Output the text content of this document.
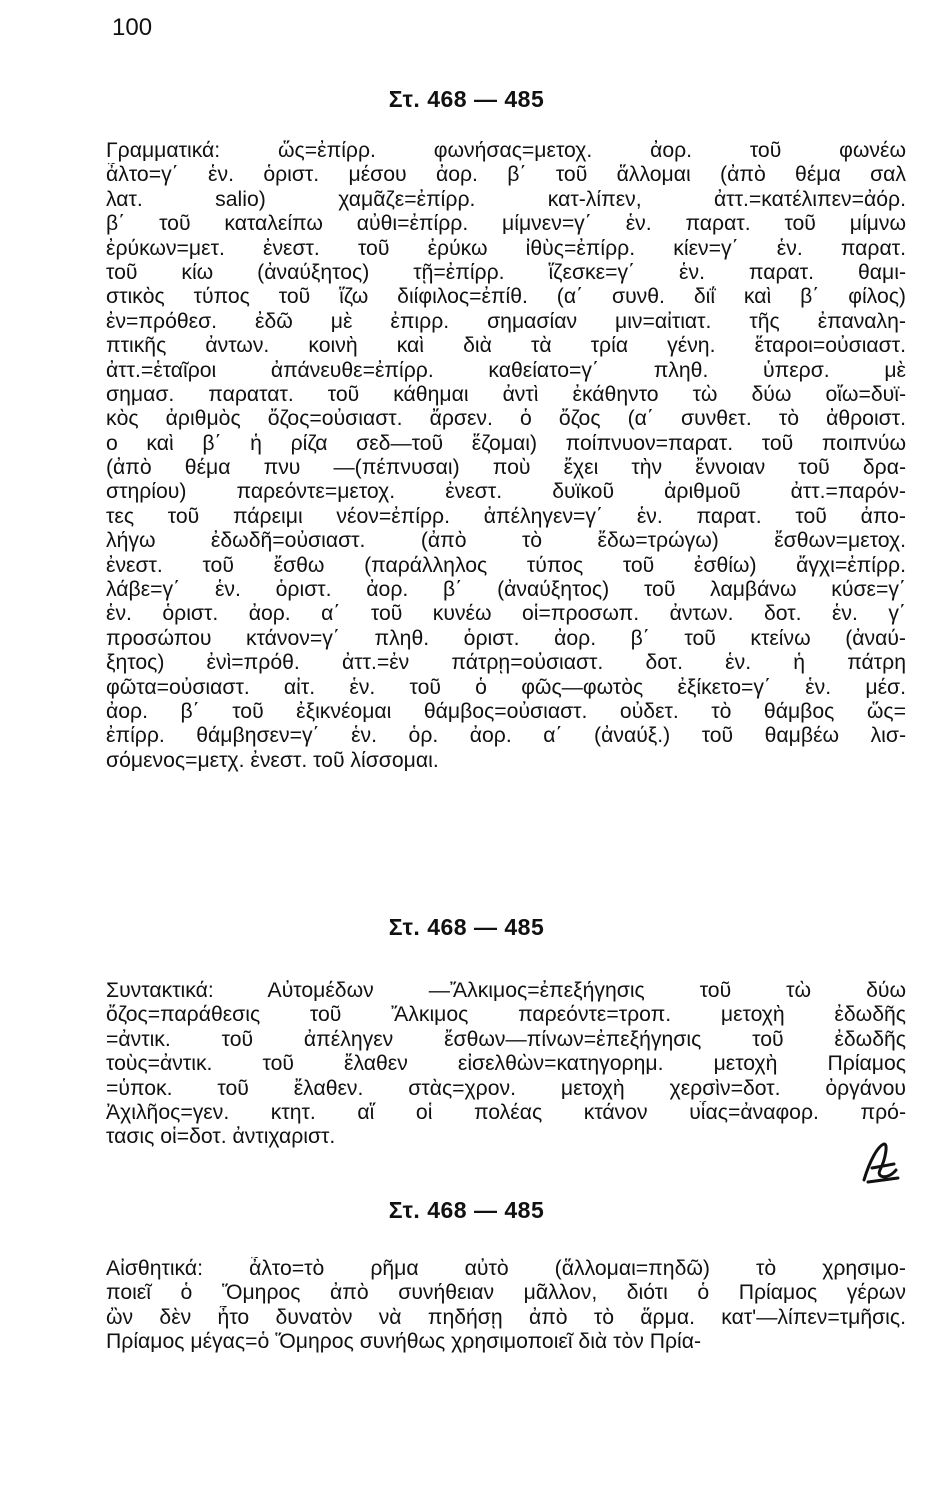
100
Στ. 468 — 485
Γραμματικά: ὥς=ἐπίρρ. φωνήσας=μετοχ. ἀορ. τοῦ φωνέω
ἆλτο=γ΄ ἑν. ὁριστ. μέσου ἀορ. β΄ τοῦ ἅλλομαι (ἀπὸ θέμα σαλ
λατ. salio) χαμᾶζε=ἐπίρρ. κατ-λίπεν, ἀττ.=κατέλιπεν=ἀόρ.
β΄ τοῦ καταλείπω αὐθι=ἐπίρρ. μίμνεν=γ΄ ἑν. παρατ. τοῦ μίμνω
ἐρύκων=μετ. ἐνεστ. τοῦ ἐρύκω ἰθὺς=ἐπίρρ. κίεν=γ΄ ἑν. παρατ.
τοῦ κίω (ἀναύξητος) τῇ=ἐπίρρ. ἵζεσκε=γ΄ ἑν. παρατ. θαμι-
στικὸς τύπος τοῦ ἵζω διίφιλος=ἐπίθ. (α΄ συνθ. διΐ καὶ β΄ φίλος)
ἐν=πρόθεσ. ἐδῶ μὲ ἐπιρρ. σημασίαν μιν=αἰτιατ. τῆς ἐπαναλη-
πτικῆς ἀντων. κοινὴ καὶ διὰ τὰ τρία γένη. ἕταροι=οὐσιαστ.
ἀττ.=ἑταῖροι ἀπάνευθε=ἐπίρρ. καθείατο=γ΄ πληθ. ὑπερσ. μὲ
σημασ. παρατατ. τοῦ κάθημαι ἀντὶ ἐκάθηντο τὼ δύω οἴω=δυϊ-
κὸς ἀριθμὸς ὄζος=οὐσιαστ. ἄρσεν. ὁ ὄζος (α΄ συνθετ. τὸ ἀθροιστ.
ο καὶ β΄ ἡ ρίζα σεδ—τοῦ ἕζομαι) ποίπνυον=παρατ. τοῦ ποιπνύω
(ἀπὸ θέμα πνυ —(πέπνυσαι) ποὺ ἔχει τὴν ἔννοιαν τοῦ δρα-
στηρίου) παρεόντε=μετοχ. ἐνεστ. δυϊκοῦ ἀριθμοῦ ἀττ.=παρόν-
τες τοῦ πάρειμι νέον=ἐπίρρ. ἀπέληγεν=γ΄ ἑν. παρατ. τοῦ ἀπο-
λήγω ἐδωδῆ=οὐσιαστ. (ἀπὸ τὸ ἔδω=τρώγω) ἔσθων=μετοχ.
ἐνεστ. τοῦ ἔσθω (παράλληλος τύπος τοῦ ἐσθίω) ἄγχι=ἐπίρρ.
λάβε=γ΄ ἑν. ὁριστ. ἀορ. β΄ (ἀναύξητος) τοῦ λαμβάνω κύσε=γ΄
ἑν. ὁριστ. ἀορ. α΄ τοῦ κυνέω οἱ=προσωπ. ἀντων. δοτ. ἑν. γ΄
προσώπου κτάνον=γ΄ πληθ. ὁριστ. ἀορ. β΄ τοῦ κτείνω (ἀναύ-
ξητος) ἐνὶ=πρόθ. ἀττ.=ἐν πάτρῃ=οὐσιαστ. δοτ. ἑν. ἡ πάτρη
φῶτα=οὐσιαστ. αἰτ. ἑν. τοῦ ὁ φῶς—φωτὸς ἐξίκετο=γ΄ ἑν. μέσ.
ἀορ. β΄ τοῦ ἐξικνέομαι θάμβος=οὐσιαστ. οὐδετ. τὸ θάμβος ὥς=
ἐπίρρ. θάμβησεν=γ΄ ἑν. ὁρ. ἀορ. α΄ (ἀναύξ.) τοῦ θαμβέω λισ-
σόμενος=μετχ. ἐνεστ. τοῦ λίσσομαι.
Στ. 468 — 485
Συντακτικά: Αὐτομέδων —Ἄλκιμος=ἐπεξήγησις τοῦ τὼ δύω
ὄζος=παράθεσις τοῦ Ἄλκιμος παρεόντε=τροπ. μετοχὴ ἐδωδῆς
=ἀντικ. τοῦ ἀπέληγεν ἔσθων—πίνων=ἐπεξήγησις τοῦ ἐδωδῆς
τοὺς=ἀντικ. τοῦ ἔλαθεν εἰσελθὼν=κατηγορημ. μετοχὴ Πρίαμος
=ὑποκ. τοῦ ἔλαθεν. στὰς=χρον. μετοχὴ χερσὶν=δοτ. ὀργάνου
Ἀχιλῆος=γεν. κτητ. αἵ οἱ πολέας κτάνον υἷας=ἀναφορ. πρό-
τασις οἱ=δοτ. ἀντιχαριστ.
Στ. 468 — 485
Αἰσθητικά: ἆλτο=τὸ ρῆμα αὐτὸ (ἅλλομαι=πηδῶ) τὸ χρησιμο-
ποιεῖ ὁ Ὅμηρος ἀπὸ συνήθειαν μᾶλλον, διότι ὁ Πρίαμος γέρων
ὢν δὲν ἦτο δυνατὸν νὰ πηδήσῃ ἀπὸ τὸ ἅρμα. κατ'—λίπεν=τμῆσις.
Πρίαμος μέγας=ὁ Ὅμηρος συνήθως χρησιμοποιεῖ διὰ τὸν Πρία-
